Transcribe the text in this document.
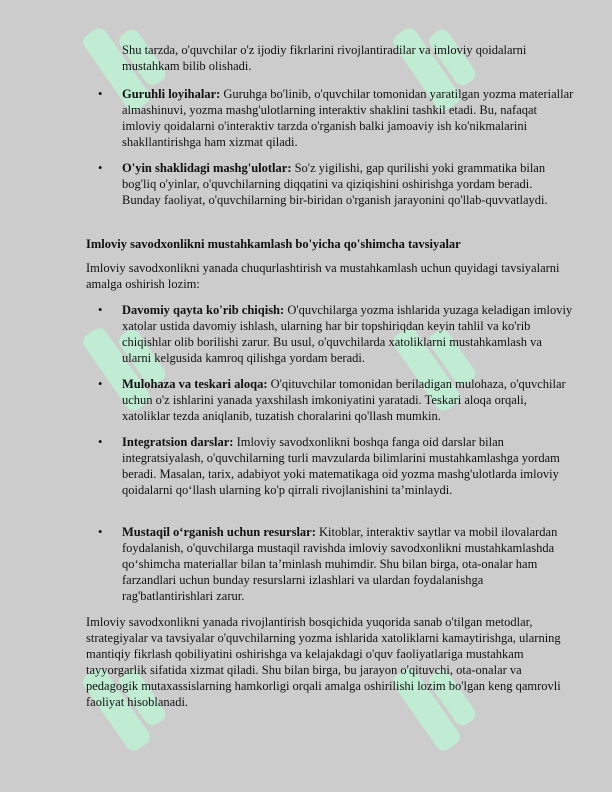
Shu tarzda, o'quvchilar o'z ijodiy fikrlarini rivojlantiradilar va imloviy qoidalarni mustahkam bilib olishadi.

• Guruhli loyihalar: Guruhga bo'linib, o'quvchilar tomonidan yaratilgan yozma materiallar almashinuvi, yozma mashg'ulotlarning interaktiv shaklini tashkil etadi. Bu, nafaqat imloviy qoidalarni o'interaktiv tarzda o'rganish balki jamoaviy ish ko'nikmalarini shakllantirishga ham xizmat qiladi.

• O'yin shaklidagi mashg'ulotlar: So'z yigilishi, gap qurilishi yoki grammatika bilan bog'liq o'yinlar, o'quvchilarning diqqatini va qiziqishini oshirishga yordam beradi. Bunday faoliyat, o'quvchilarning bir-biridan o'rganish jarayonini qo'llab-quvvatlaydi.

Imloviy savodxonlikni mustahkamlash bo'yicha qo'shimcha tavsiyalar

Imloviy savodxonlikni yanada chuqurlashtirish va mustahkamlash uchun quyidagi tavsiyalarni amalga oshirish lozim:

• Davomiy qayta ko'rib chiqish: O'quvchilarga yozma ishlarida yuzaga keladigan imloviy xatolar ustida davomiy ishlash, ularning har bir topshiriqdan keyin tahlil va ko'rib chiqishlar olib borilishi zarur. Bu usul, o'quvchilarda xatoliklarni mustahkamlash va ularni kelgusida kamroq qilishga yordam beradi.

• Mulohaza va teskari aloqa: O'qituvchilar tomonidan beriladigan mulohaza, o'quvchilar uchun o'z ishlarini yanada yaxshilash imkoniyatini yaratadi. Teskari aloqa orqali, xatoliklar tezda aniqlanib, tuzatish choralarini qo'llash mumkin.

• Integratsion darslar: Imloviy savodxonlikni boshqa fanga oid darslar bilan integratsiyalash, o'quvchilarning turli mavzularda bilimlarini mustahkamlashga yordam beradi. Masalan, tarix, adabiyot yoki matematikaga oid yozma mashg'ulotlarda imloviy qoidalarni qo‘llash ularning ko'p qirrali rivojlanishini ta’minlaydi.

• Mustaqil o‘rganish uchun resurslar: Kitoblar, interaktiv saytlar va mobil ilovalardan foydalanish, o'quvchilarga mustaqil ravishda imloviy savodxonlikni mustahkamlashda qo‘shimcha materiallar bilan ta’minlash muhimdir. Shu bilan birga, ota-onalar ham farzandlari uchun bunday resurslarni izlashlari va ulardan foydalanishga rag'batlantirishlari zarur.

Imloviy savodxonlikni yanada rivojlantirish bosqichida yuqorida sanab o'tilgan metodlar, strategiyalar va tavsiyalar o'quvchilarning yozma ishlarida xatoliklarni kamaytirishga, ularning mantiqiy fikrlash qobiliyatini oshirishga va kelajakdagi o'quv faoliyatlariga mustahkam tayyorgarlik sifatida xizmat qiladi. Shu bilan birga, bu jarayon o'qituvchi, ota-onalar va pedagogik mutaxassislarning hamkorligi orqali amalga oshirilishi lozim bo'lgan keng qamrovli faoliyat hisoblanadi.
